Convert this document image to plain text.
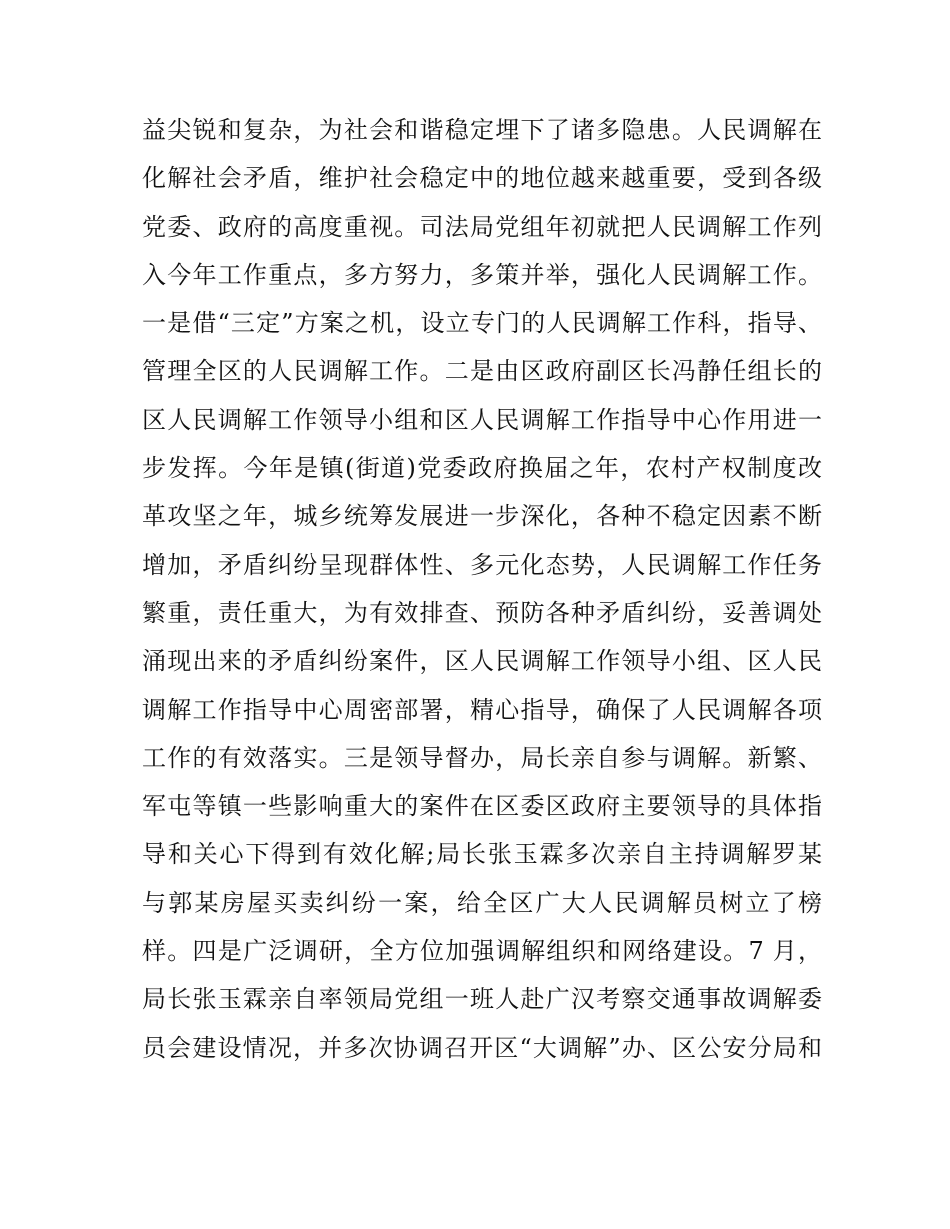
益尖锐和复杂，为社会和谐稳定埋下了诸多隐患。人民调解在
化解社会矛盾，维护社会稳定中的地位越来越重要，受到各级
党委、政府的高度重视。司法局党组年初就把人民调解工作列
入今年工作重点，多方努力，多策并举，强化人民调解工作。
一是借“三定”方案之机，设立专门的人民调解工作科，指导、
管理全区的人民调解工作。二是由区政府副区长冯静任组长的
区人民调解工作领导小组和区人民调解工作指导中心作用进一
步发挥。今年是镇(街道)党委政府换届之年，农村产权制度改
革攻坚之年，城乡统筹发展进一步深化，各种不稳定因素不断
增加，矛盾纠纷呈现群体性、多元化态势，人民调解工作任务
繁重，责任重大，为有效排查、预防各种矛盾纠纷，妥善调处
涌现出来的矛盾纠纷案件，区人民调解工作领导小组、区人民
调解工作指导中心周密部署，精心指导，确保了人民调解各项
工作的有效落实。三是领导督办，局长亲自参与调解。新繁、
军屯等镇一些影响重大的案件在区委区政府主要领导的具体指
导和关心下得到有效化解;局长张玉霖多次亲自主持调解罗某
与郭某房屋买卖纠纷一案，给全区广大人民调解员树立了榜
样。四是广泛调研，全方位加强调解组织和网络建设。7 月，
局长张玉霖亲自率领局党组一班人赴广汉考察交通事故调解委
员会建设情况，并多次协调召开区“大调解”办、区公安分局和
